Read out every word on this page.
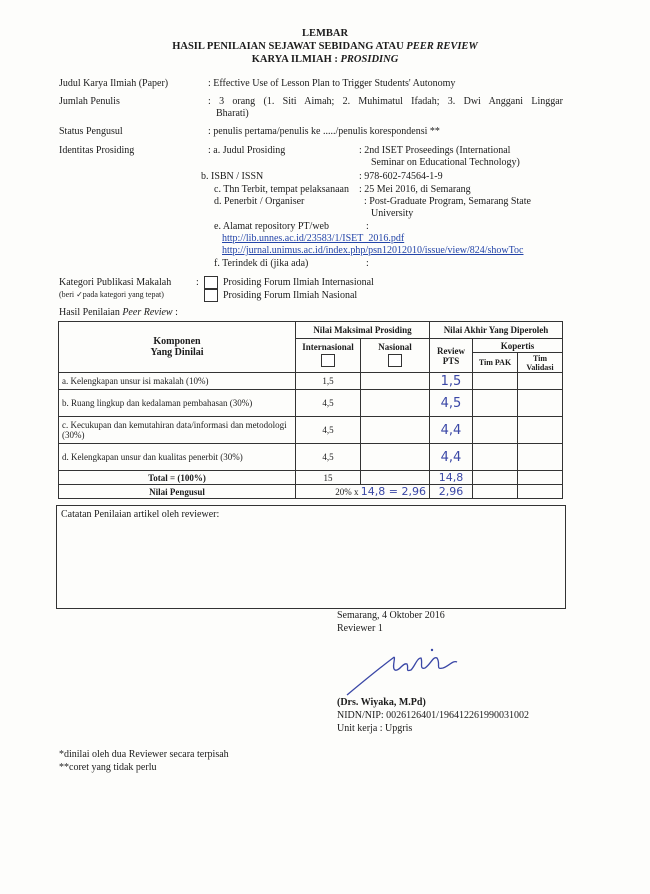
LEMBAR
HASIL PENILAIAN SEJAWAT SEBIDANG ATAU PEER REVIEW
KARYA ILMIAH : PROSIDING
Judul Karya Ilmiah (Paper)	: Effective Use of Lesson Plan to Trigger Students' Autonomy
Jumlah Penulis	: 3 orang (1. Siti Aimah; 2. Muhimatul Ifadah; 3. Dwi Anggani Linggar
Bharati)
Status Pengusul	: penulis pertama/penulis ke ...../penulis korespondensi **
Identitas Prosiding	: a. Judul Prosiding	: 2nd ISET Proseedings (International
Seminar on Educational Technology)
b. ISBN / ISSN	: 978-602-74564-1-9
c. Thn Terbit, tempat pelaksanaan : 25 Mei 2016, di Semarang
d. Penerbit / Organiser	: Post-Graduate Program, Semarang State
University
e. Alamat repository PT/web	:
http://lib.unnes.ac.id/23583/1/ISET_2016.pdf
http://jurnal.unimus.ac.id/index.php/psn12012010/issue/view/824/showToc
f. Terindek di (jika ada)	:
Kategori Publikasi Makalah
(beri ✓pada kategori yang tepat)
: Prosiding Forum Ilmiah Internasional
Prosiding Forum Ilmiah Nasional
Hasil Penilaian Peer Review :
Komponen
Yang Dinilai	Nilai Maksimal Prosiding		Nilai Akhir Yang Diperoleh		

	Internasional	Nasional	Review
PTS	Kopertis	
				Tim PAK	Tim
Validasi

a. Kelengkapan unsur isi makalah (10%)	1,5		1,5		
b. Ruang lingkup dan kedalaman pembahasan (30%)	4,5		4,5		
c. Kecukupan dan kemutahiran data/informasi dan metodologi (30%)	4,5		4,4		
d. Kelengkapan unsur dan kualitas penerbit (30%)	4,5		4,4		
Total = (100%)	15		14,8		
Nilai Pengusul	20% x 14,8 = 2,96		2,96		
Catatan Penilaian artikel oleh reviewer:
Semarang, 4 Oktober 2016
Reviewer 1
(Drs. Wiyaka, M.Pd)
NIDN/NIP: 0026126401/196412261990031002
Unit kerja : Upgris
*dinilai oleh dua Reviewer secara terpisah
**coret yang tidak perlu
